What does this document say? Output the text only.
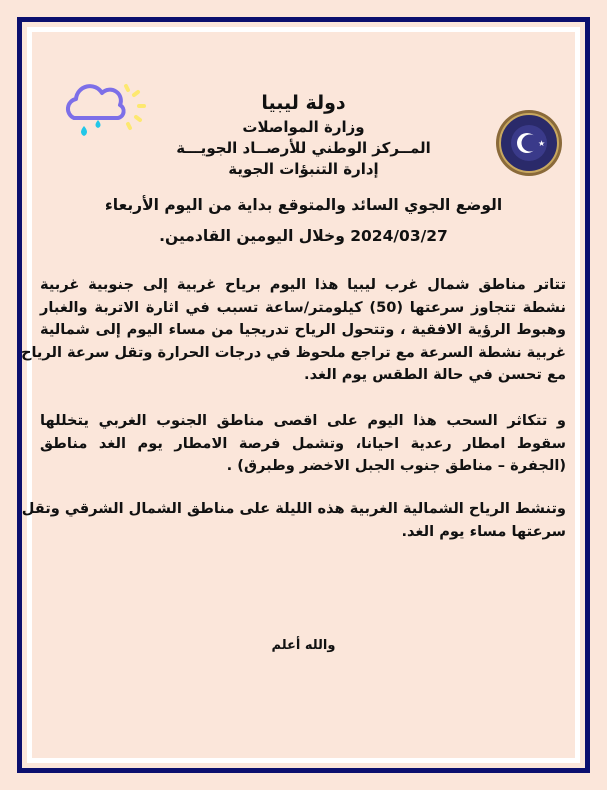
★
دولة ليبيا
وزارة المواصلات
المــركز الوطني للأرصــاد الجويـــة
إدارة التنبؤات الجوية
الوضع الجوي السائد والمتوقع بداية من اليوم الأربعاء
2024/03/27 وخلال اليومين القادمين.
تتاتر مناطق شمال غرب ليبيا هذا اليوم برياح غربية إلى جنوبية غربية
نشطة تتجاوز سرعتها (50) كيلومتر/ساعة تسبب في اثارة الاتربة والغبار
وهبوط الرؤية الافقية ، وتتحول الرياح تدريجيا من مساء اليوم إلى شمالية
غربية نشطة السرعة مع تراجع ملحوظ في درجات الحرارة وتقل سرعة الرياح
مع تحسن في حالة الطقس يوم الغد.
و تتكاثر السحب هذا اليوم على اقصى مناطق الجنوب الغربي يتخللها
سقوط امطار رعدية احيانا، وتشمل فرصة الامطار يوم الغد مناطق
(الجفرة – مناطق جنوب الجبل الاخضر وطبرق) .
وتنشط الرياح الشمالية الغربية هذه الليلة على مناطق الشمال الشرقي وتقل
سرعتها مساء يوم الغد.
والله أعلم
